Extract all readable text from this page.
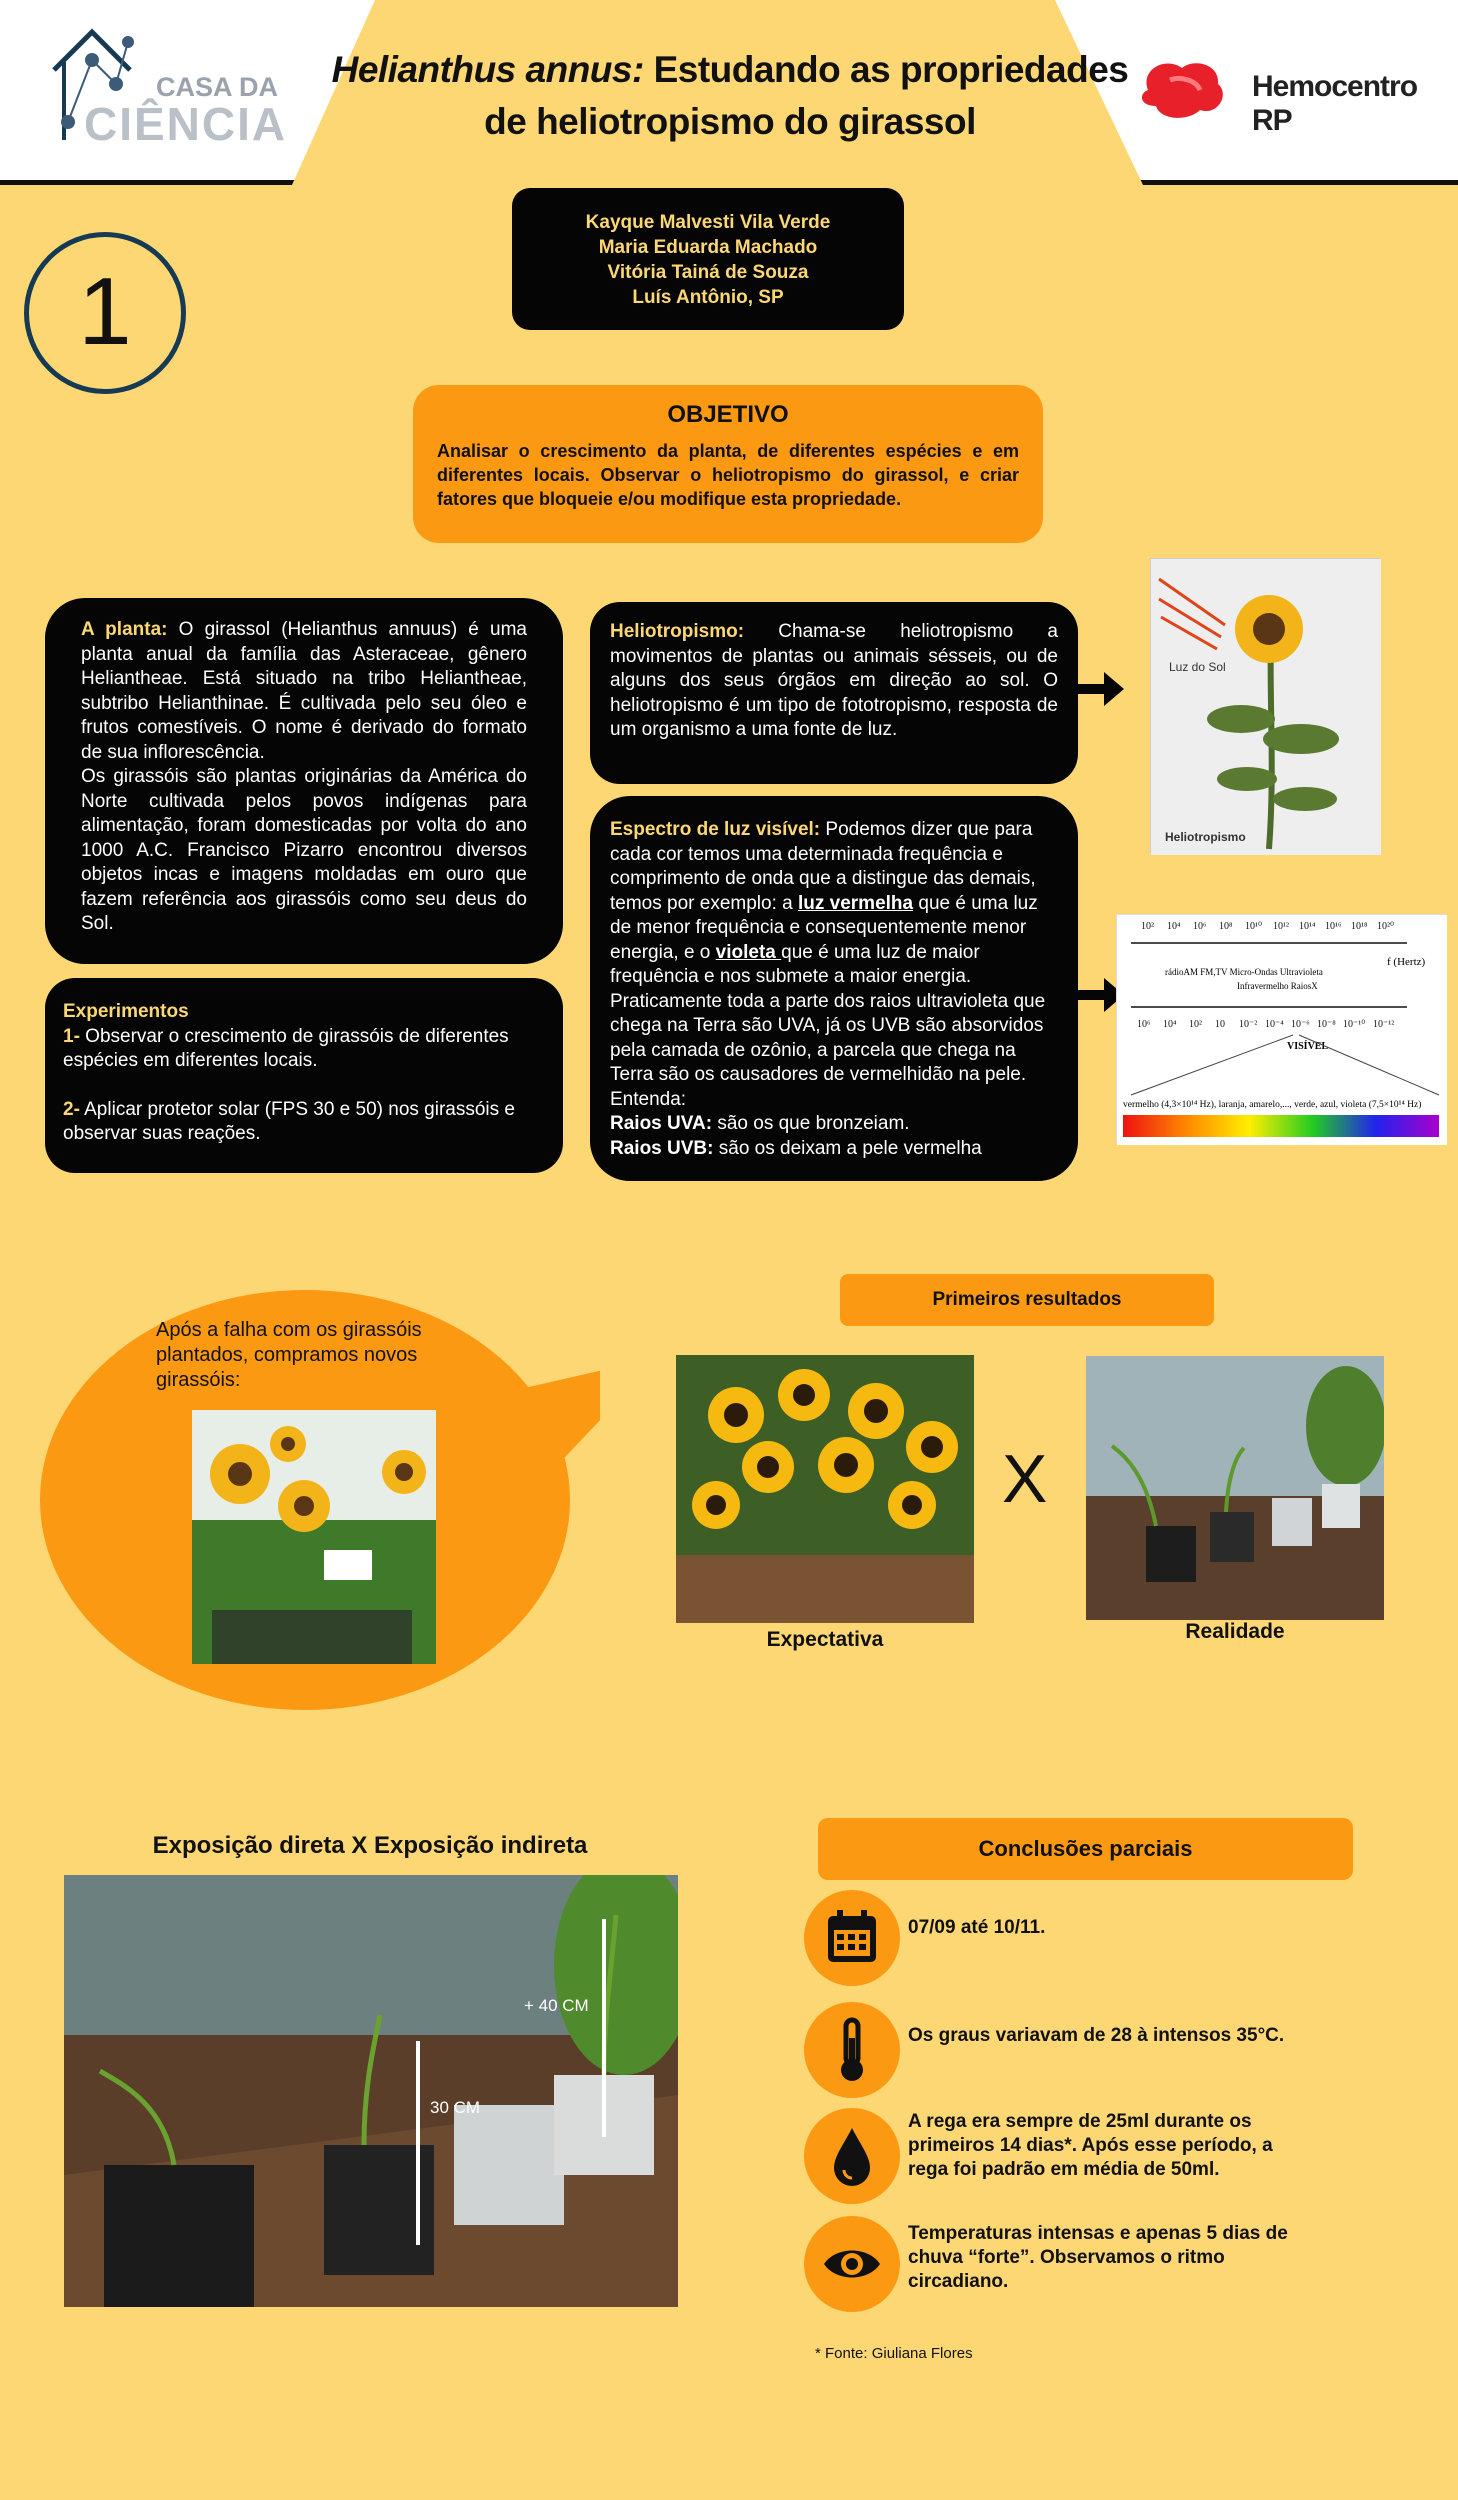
CASA DA
CIÊNCIA
Helianthus annus: Estudando as propriedades
de heliotropismo do girassol
Hemocentro RP
Kayque Malvesti Vila Verde
Maria Eduarda Machado
Vitória Tainá de Souza
Luís Antônio, SP
1
OBJETIVO

Analisar o crescimento da planta, de diferentes espécies e em diferentes locais. Observar o heliotropismo do girassol, e criar fatores que bloqueie e/ou modifique esta propriedade.

A planta: O girassol (Helianthus annuus) é uma planta anual da família das Asteraceae, gênero Heliantheae. Está situado na tribo Heliantheae, subtribo Helianthinae. É cultivada pelo seu óleo e frutos comestíveis. O nome é derivado do formato de sua inflorescência.

Os girassóis são plantas originárias da América do Norte cultivada pelos povos indígenas para alimentação, foram domesticadas por volta do ano 1000 A.C. Francisco Pizarro encontrou diversos objetos incas e imagens moldadas em ouro que fazem referência aos girassóis como seu deus do Sol.

Experimentos

1- Observar o crescimento de girassóis de diferentes espécies em diferentes locais.

2- Aplicar protetor solar (FPS 30 e 50) nos girassóis e observar suas reações.

Heliotropismo: Chama-se heliotropismo a movimentos de plantas ou animais sésseis, ou de alguns dos seus órgãos em direção ao sol. O heliotropismo é um tipo de fototropismo, resposta de um organismo a uma fonte de luz.

Espectro de luz visível: Podemos dizer que para cada cor temos uma determinada frequência e comprimento de onda que a distingue das demais, temos por exemplo: a luz vermelha que é uma luz de menor frequência e consequentemente menor energia, e o violeta que é uma luz de maior frequência e nos submete a maior energia. Praticamente toda a parte dos raios ultravioleta que chega na Terra são UVA, já os UVB são absorvidos pela camada de ozônio, a parcela que chega na Terra são os causadores de vermelhidão na pele. Entenda:

Raios UVA: são os que bronzeiam.

Raios UVB: são os deixam a pele vermelha

Luz do Sol
Heliotropismo
10² 10⁴ 10⁶ 10⁸ 10¹⁰ 10¹² 10¹⁴ 10¹⁶ 10¹⁸ 10²⁰
f (Hertz)
rádioAM FM,TV Micro-Ondas Ultravioleta
Infravermelho RaiosX
10⁶ 10⁴ 10² 10 10⁻² 10⁻⁴ 10⁻⁶ 10⁻⁸ 10⁻¹⁰ 10⁻¹²
VISÍVEL
vermelho (4,3×10¹⁴ Hz), laranja, amarelo,..., verde, azul, violeta (7,5×10¹⁴ Hz)
Após a falha com os girassóis plantados, compramos novos girassóis:
Primeiros resultados
X
Expectativa	Realidade
Exposição direta X Exposição indireta
30 CM
+ 40 CM
Conclusões parciais
07/09 até 10/11.
Os graus variavam de 28 à intensos 35°C.
A rega era sempre de 25ml durante os primeiros 14 dias*. Após esse período, a rega foi padrão em média de 50ml.
Temperaturas intensas e apenas 5 dias de chuva “forte”. Observamos o ritmo circadiano.
* Fonte: Giuliana Flores
